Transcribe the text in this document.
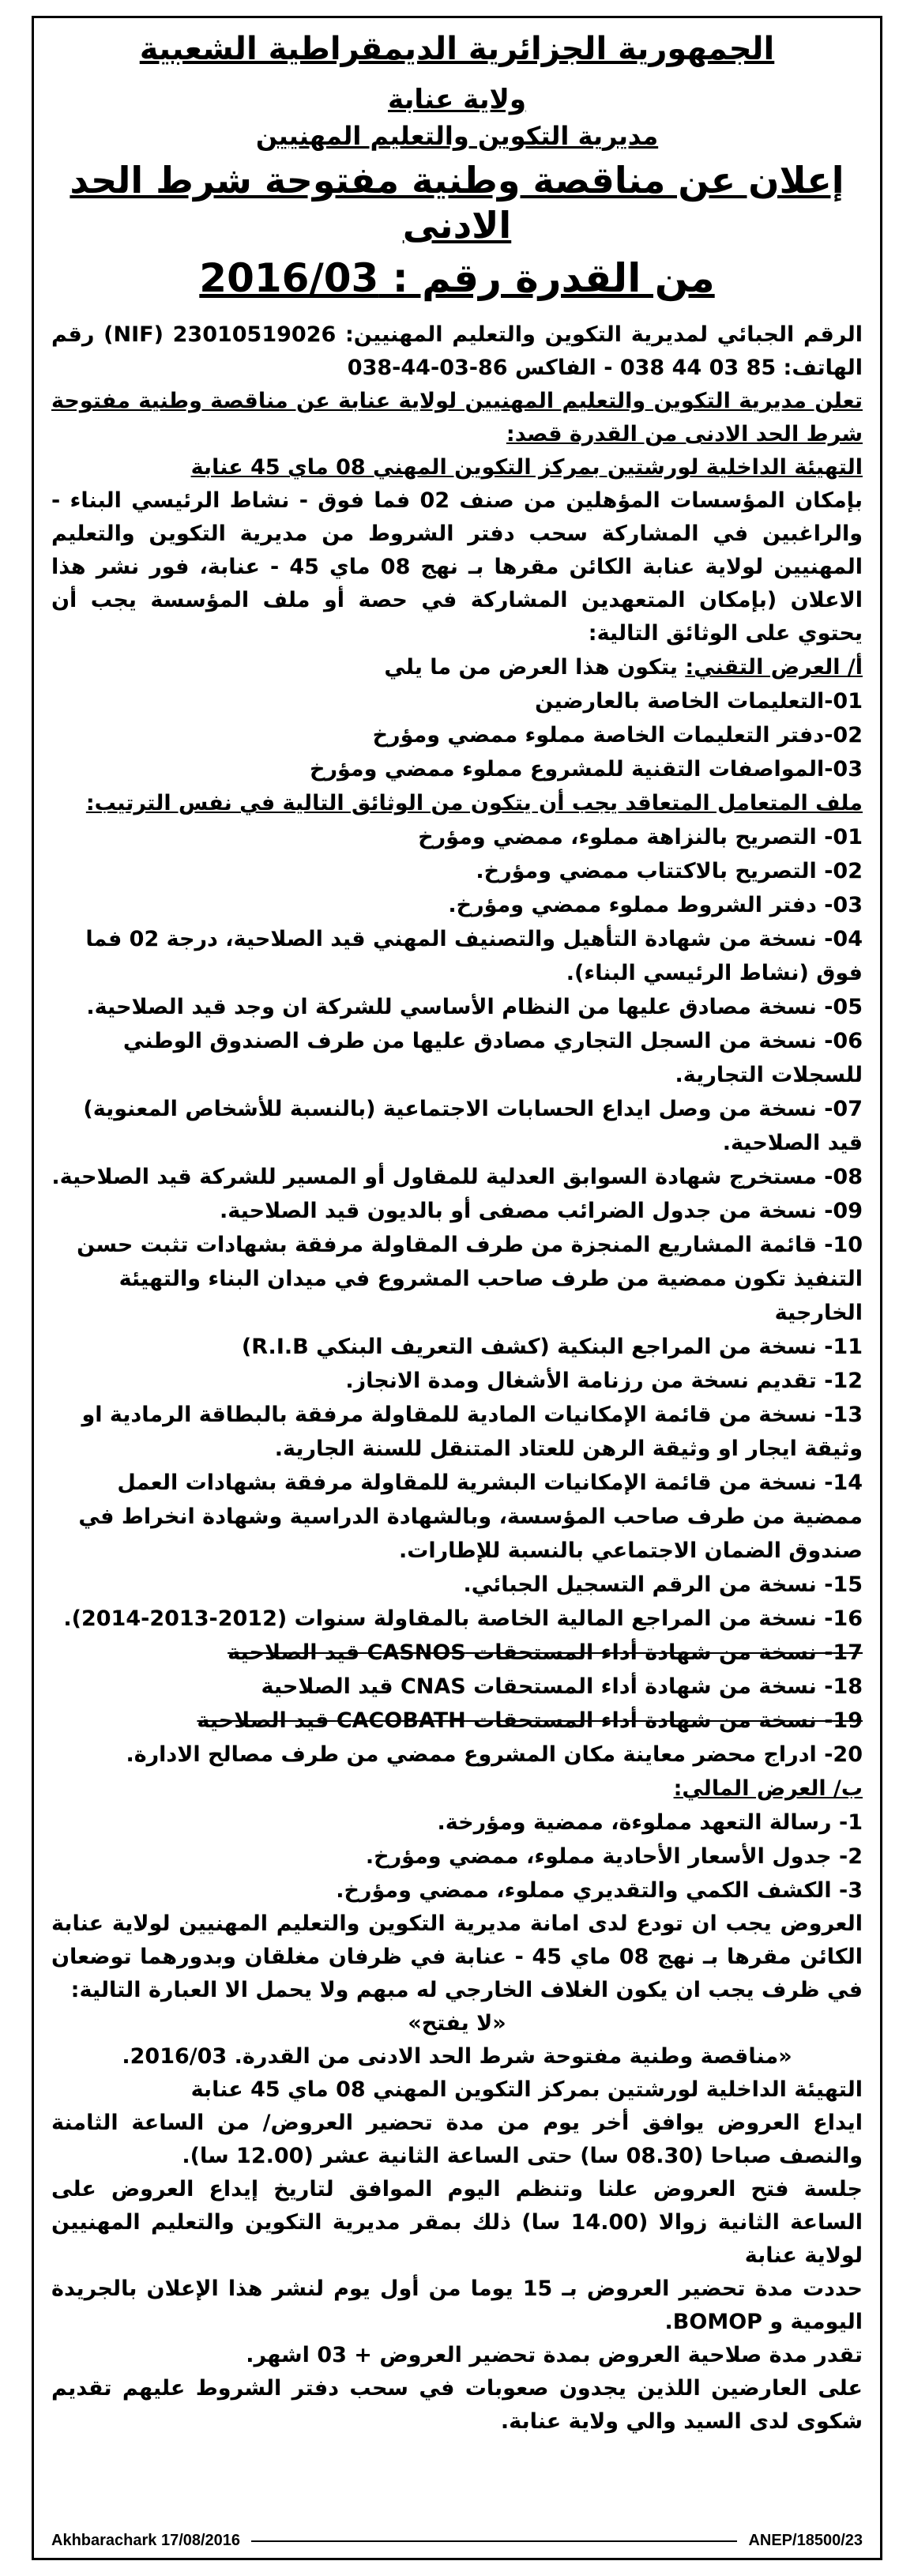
الجمهورية الجزائرية الديمقراطية الشعبية
ولاية عنابة
مديرية التكوين والتعليم المهنيين
إعلان عن مناقصة وطنية مفتوحة شرط الحد الادنى
من القدرة رقم : 2016/03

الرقم الجبائي لمديرية التكوين والتعليم المهنيين: 23010519026 (NIF) رقم الهاتف: 85 03 44 038 - الفاكس 86-03-44-038

تعلن مديرية التكوين والتعليم المهنيين لولاية عنابة عن مناقصة وطنية مفتوحة شرط الحد الادنى من القدرة قصد:

التهيئة الداخلية لورشتين بمركز التكوين المهني 08 ماي 45 عنابة

بإمكان المؤسسات المؤهلين من صنف 02 فما فوق - نشاط الرئيسي البناء - والراغبين في المشاركة سحب دفتر الشروط من مديرية التكوين والتعليم المهنيين لولاية عنابة الكائن مقرها بـ نهج 08 ماي 45 - عنابة، فور نشر هذا الاعلان (بإمكان المتعهدين المشاركة في حصة أو ملف المؤسسة يجب أن يحتوي على الوثائق التالية:

أ/ العرض التقني: يتكون هذا العرض من ما يلي

01-التعليمات الخاصة بالعارضين

02-دفتر التعليمات الخاصة مملوء ممضي ومؤرخ

03-المواصفات التقنية للمشروع مملوء ممضي ومؤرخ

ملف المتعامل المتعاقد يجب أن يتكون من الوثائق التالية في نفس الترتيب:

01- التصريح بالنزاهة مملوء، ممضي ومؤرخ

02- التصريح بالاكتتاب ممضي ومؤرخ.

03- دفتر الشروط مملوء ممضي ومؤرخ.

04- نسخة من شهادة التأهيل والتصنيف المهني قيد الصلاحية، درجة 02 فما فوق (نشاط الرئيسي البناء).

05- نسخة مصادق عليها من النظام الأساسي للشركة ان وجد قيد الصلاحية.

06- نسخة من السجل التجاري مصادق عليها من طرف الصندوق الوطني للسجلات التجارية.

07- نسخة من وصل ايداع الحسابات الاجتماعية (بالنسبة للأشخاص المعنوية) قيد الصلاحية.

08- مستخرج شهادة السوابق العدلية للمقاول أو المسير للشركة قيد الصلاحية.

09- نسخة من جدول الضرائب مصفى أو بالديون قيد الصلاحية.

10- قائمة المشاريع المنجزة من طرف المقاولة مرفقة بشهادات تثبت حسن التنفيذ تكون ممضية من طرف صاحب المشروع في ميدان البناء والتهيئة الخارجية

11- نسخة من المراجع البنكية (كشف التعريف البنكي R.I.B)

12- تقديم نسخة من رزنامة الأشغال ومدة الانجاز.

13- نسخة من قائمة الإمكانيات المادية للمقاولة مرفقة بالبطاقة الرمادية او وثيقة ايجار او وثيقة الرهن للعتاد المتنقل للسنة الجارية.

14- نسخة من قائمة الإمكانيات البشرية للمقاولة مرفقة بشهادات العمل ممضية من طرف صاحب المؤسسة، وبالشهادة الدراسية وشهادة انخراط في صندوق الضمان الاجتماعي بالنسبة للإطارات.

15- نسخة من الرقم التسجيل الجبائي.

16- نسخة من المراجع المالية الخاصة بالمقاولة سنوات (2012-2013-2014).

17- نسخة من شهادة أداء المستحقات CASNOS قيد الصلاحية

18- نسخة من شهادة أداء المستحقات CNAS قيد الصلاحية

19- نسخة من شهادة أداء المستحقات CACOBATH قيد الصلاحية

20- ادراج محضر معاينة مكان المشروع ممضي من طرف مصالح الادارة.

ب/ العرض المالي:

1- رسالة التعهد مملوءة، ممضية ومؤرخة.

2- جدول الأسعار الأحادية مملوء، ممضي ومؤرخ.

3- الكشف الكمي والتقديري مملوء، ممضي ومؤرخ.

العروض يجب ان تودع لدى امانة مديرية التكوين والتعليم المهنيين لولاية عنابة الكائن مقرها بـ نهج 08 ماي 45 - عنابة في ظرفان مغلقان وبدورهما توضعان في ظرف يجب ان يكون الغلاف الخارجي له مبهم ولا يحمل الا العبارة التالية:

«لا يفتح»

«مناقصة وطنية مفتوحة شرط الحد الادنى من القدرة. 2016/03.

التهيئة الداخلية لورشتين بمركز التكوين المهني 08 ماي 45 عنابة

ايداع العروض يوافق أخر يوم من مدة تحضير العروض/ من الساعة الثامنة والنصف صباحا (08.30 سا) حتى الساعة الثانية عشر (12.00 سا).

جلسة فتح العروض علنا وتنظم اليوم الموافق لتاريخ إيداع العروض على الساعة الثانية زوالا (14.00 سا) ذلك بمقر مديرية التكوين والتعليم المهنيين لولاية عنابة

حددت مدة تحضير العروض بـ 15 يوما من أول يوم لنشر هذا الإعلان بالجريدة اليومية و BOMOP.

تقدر مدة صلاحية العروض بمدة تحضير العروض + 03 اشهر.

على العارضين اللذين يجدون صعوبات في سحب دفتر الشروط عليهم تقديم شكوى لدى السيد والي ولاية عنابة.

Akhbarachark 17/08/2016	ANEP/18500/23
